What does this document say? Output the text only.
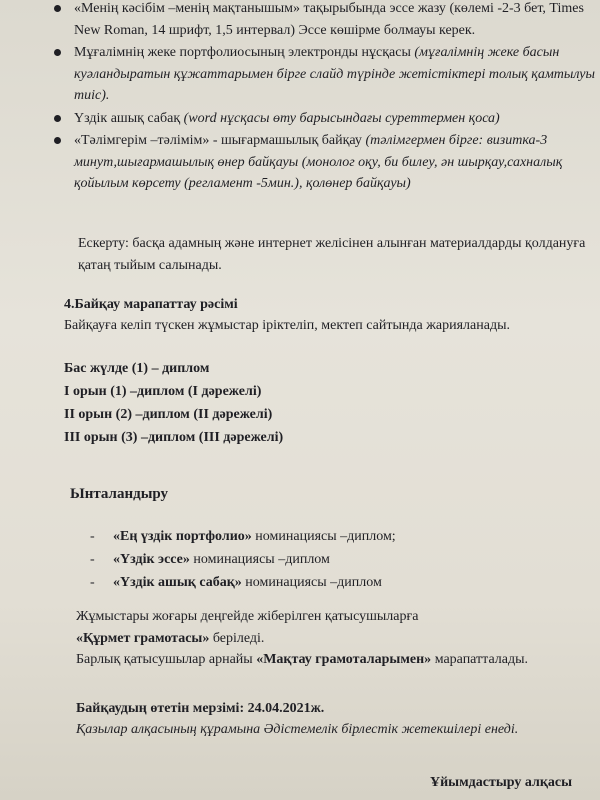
«Менің кәсібім –менің мақтанышым» тақырыбында эссе жазу (көлемі -2-3 бет, Times New Roman, 14 шрифт, 1,5 интервал) Эссе көшірме болмауы керек.
Мұғалімнің жеке портфолиосының электронды нұсқасы (мұғалімнің жеке басын куәландыратын құжаттарымен бірге слайд түрінде жетістіктері толық қамтылуы тиіс).
Үздік ашық сабақ (word нұсқасы өту барысындағы суреттермен қоса)
«Тәлімгерім –тәлімім» - шығармашылық байқау (тәлімгермен бірге: визитка-3 минут,шығармашылық өнер байқауы (монолог оқу, би билеу, ән шырқау,сахналық қойылым көрсету (регламент -5мин.), қолөнер байқауы)
Ескерту: басқа адамның және интернет желісінен алынған материалдарды қолдануға қатаң тыйым салынады.
4.Байқау марапаттау рәсімі
Байқауға келіп түскен жұмыстар іріктеліп, мектеп сайтында жарияланады.
Бас жүлде (1) – диплом
I орын (1) –диплом (I дәрежелі)
II орын (2) –диплом (II дәрежелі)
III орын (3) –диплом (III дәрежелі)
Ынталандыру
- «Ең үздік портфолио» номинациясы –диплом;
- «Үздік эссе» номинациясы –диплом
- «Үздік ашық сабақ» номинациясы –диплом
Жұмыстары жоғары деңгейде жіберілген қатысушыларға
«Құрмет грамотасы» беріледі.
Барлық қатысушылар арнайы «Мақтау грамоталарымен» марапатталады.
Байқаудың өтетін мерзімі: 24.04.2021ж.
Қазылар алқасының құрамына Әдістемелік бірлестік жетекшілері енеді.
Ұйымдастыру алқасы
